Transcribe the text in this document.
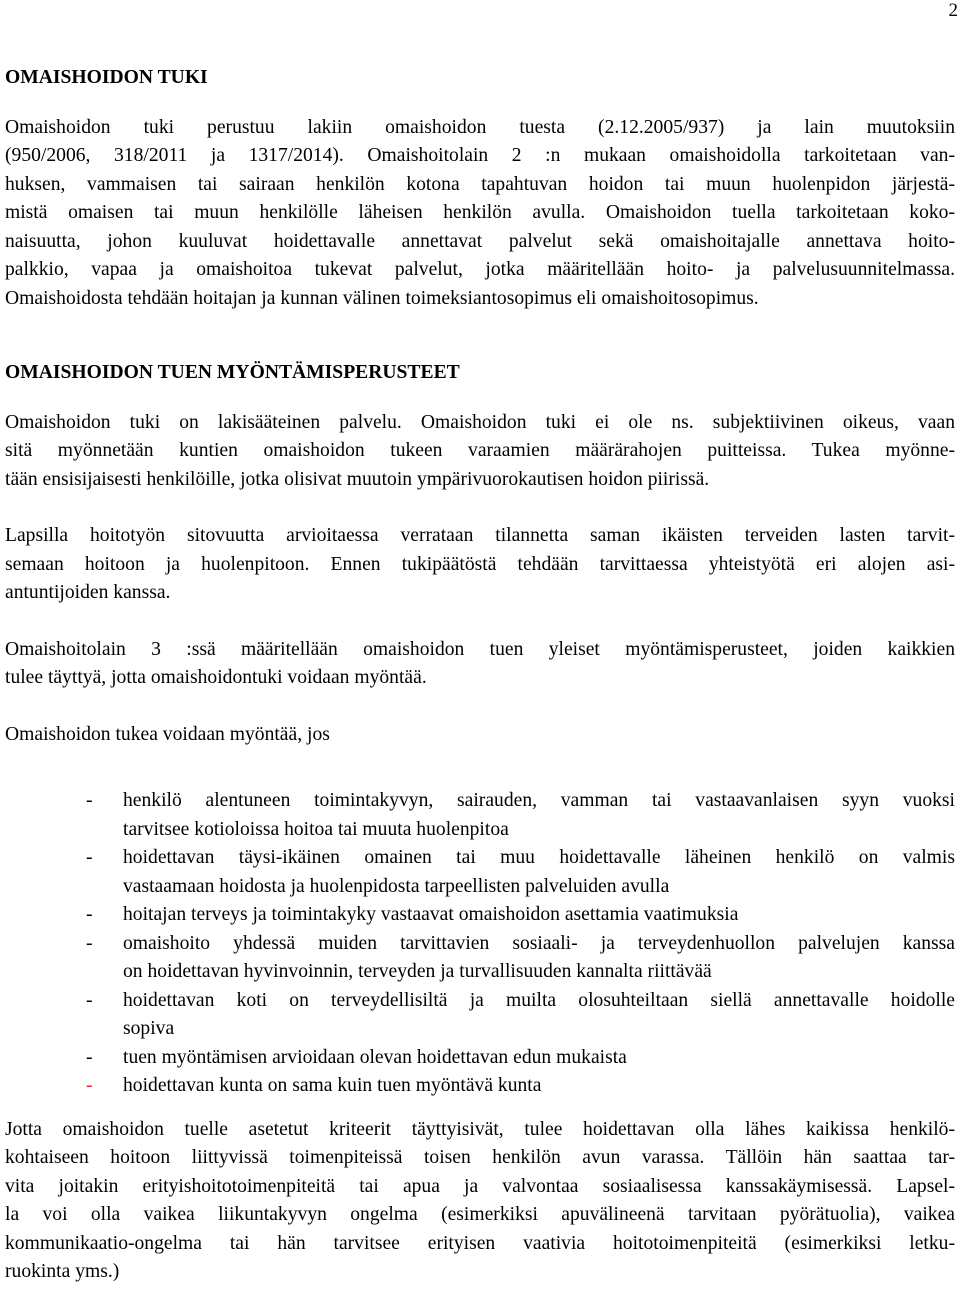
2
OMAISHOIDON TUKI

Omaishoidon tuki perustuu lakiin omaishoidon tuesta (2.12.2005/937) ja lain muutoksiin
(950/2006, 318/2011 ja 1317/2014). Omaishoitolain 2 :n mukaan omaishoidolla tarkoitetaan van-
huksen, vammaisen tai sairaan henkilön kotona tapahtuvan hoidon tai muun huolenpidon järjestä-
mistä omaisen tai muun henkilölle läheisen henkilön avulla. Omaishoidon tuella tarkoitetaan koko-
naisuutta, johon kuuluvat hoidettavalle annettavat palvelut sekä omaishoitajalle annettava hoito-
palkkio, vapaa ja omaishoitoa tukevat palvelut, jotka määritellään hoito- ja palvelusuunnitelmassa.
Omaishoidosta tehdään hoitajan ja kunnan välinen toimeksiantosopimus eli omaishoitosopimus.

OMAISHOIDON TUEN MYÖNTÄMISPERUSTEET

Omaishoidon tuki on lakisääteinen palvelu. Omaishoidon tuki ei ole ns. subjektiivinen oikeus, vaan
sitä myönnetään kuntien omaishoidon tukeen varaamien määrärahojen puitteissa. Tukea myönne-
tään ensisijaisesti henkilöille, jotka olisivat muutoin ympärivuorokautisen hoidon piirissä.

Lapsilla hoitotyön sitovuutta arvioitaessa verrataan tilannetta saman ikäisten terveiden lasten tarvit-
semaan hoitoon ja huolenpitoon. Ennen tukipäätöstä tehdään tarvittaessa yhteistyötä eri alojen asi-
antuntijoiden kanssa.

Omaishoitolain 3 :ssä määritellään omaishoidon tuen yleiset myöntämisperusteet, joiden kaikkien
tulee täyttyä, jotta omaishoidontuki voidaan myöntää.

Omaishoidon tukea voidaan myöntää, jos

- henkilö alentuneen toimintakyvyn, sairauden, vamman tai vastaavanlaisen syyn vuoksi
tarvitsee kotioloissa hoitoa tai muuta huolenpitoa
- hoidettavan täysi-ikäinen omainen tai muu hoidettavalle läheinen henkilö on valmis
vastaamaan hoidosta ja huolenpidosta tarpeellisten palveluiden avulla
- hoitajan terveys ja toimintakyky vastaavat omaishoidon asettamia vaatimuksia
- omaishoito yhdessä muiden tarvittavien sosiaali- ja terveydenhuollon palvelujen kanssa
on hoidettavan hyvinvoinnin, terveyden ja turvallisuuden kannalta riittävää
- hoidettavan koti on terveydellisiltä ja muilta olosuhteiltaan siellä annettavalle hoidolle
sopiva
- tuen myöntämisen arvioidaan olevan hoidettavan edun mukaista
- hoidettavan kunta on sama kuin tuen myöntävä kunta

Jotta omaishoidon tuelle asetetut kriteerit täyttyisivät, tulee hoidettavan olla lähes kaikissa henkilö-
kohtaiseen hoitoon liittyvissä toimenpiteissä toisen henkilön avun varassa. Tällöin hän saattaa tar-
vita joitakin erityishoitotoimenpiteitä tai apua ja valvontaa sosiaalisessa kanssakäymisessä. Lapsel-
la voi olla vaikea liikuntakyvyn ongelma (esimerkiksi apuvälineenä tarvitaan pyörätuolia), vaikea
kommunikaatio-ongelma tai hän tarvitsee erityisen vaativia hoitotoimenpiteitä (esimerkiksi letku-
ruokinta yms.)
